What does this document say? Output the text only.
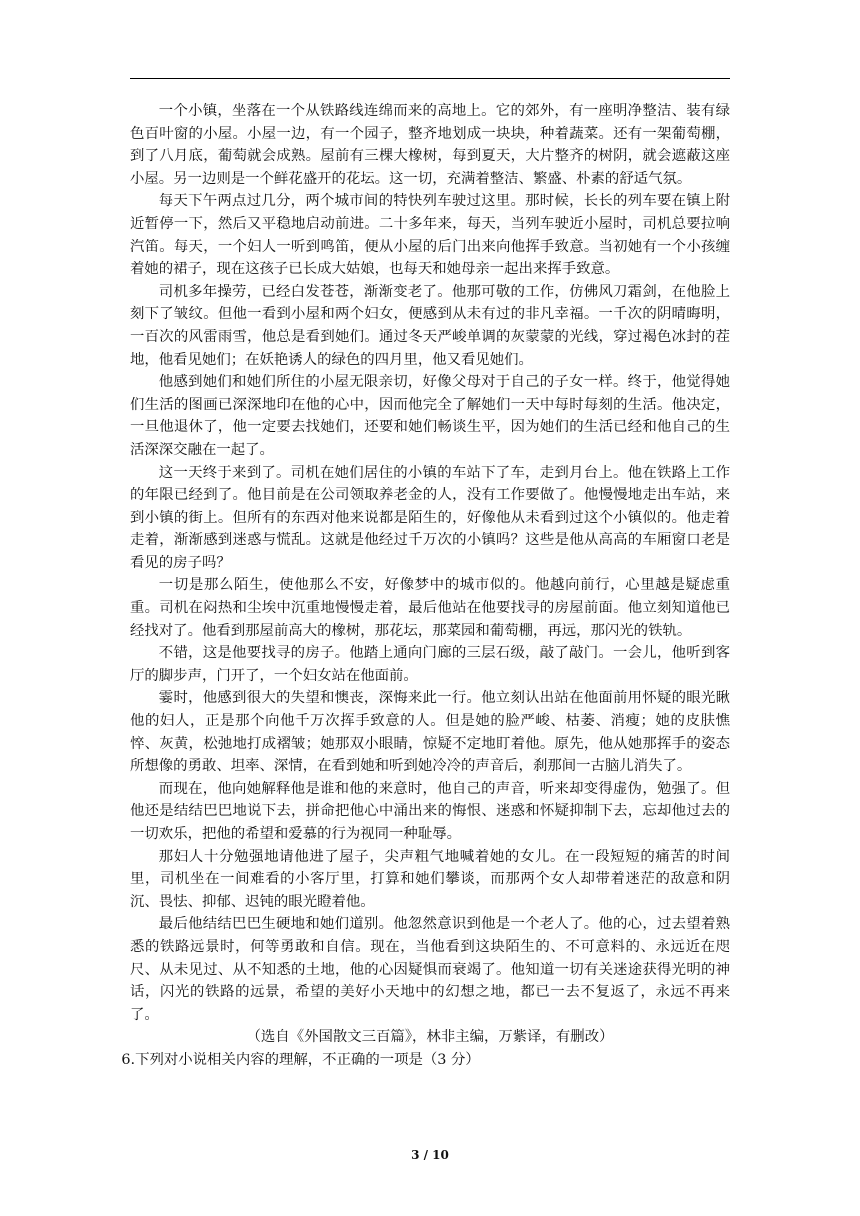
一个小镇，坐落在一个从铁路线连绵而来的高地上。它的郊外，有一座明净整洁、装有绿色百叶窗的小屋。小屋一边，有一个园子，整齐地划成一块块，种着蔬菜。还有一架葡萄棚，到了八月底，葡萄就会成熟。屋前有三棵大橡树，每到夏天，大片整齐的树阴，就会遮蔽这座小屋。另一边则是一个鲜花盛开的花坛。这一切，充满着整洁、繁盛、朴素的舒适气氛。

每天下午两点过几分，两个城市间的特快列车驶过这里。那时候，长长的列车要在镇上附近暂停一下，然后又平稳地启动前进。二十多年来，每天，当列车驶近小屋时，司机总要拉响汽笛。每天，一个妇人一听到鸣笛，便从小屋的后门出来向他挥手致意。当初她有一个小孩缠着她的裙子，现在这孩子已长成大姑娘，也每天和她母亲一起出来挥手致意。

司机多年操劳，已经白发苍苍，渐渐变老了。他那可敬的工作，仿佛风刀霜剑，在他脸上刻下了皱纹。但他一看到小屋和两个妇女，便感到从未有过的非凡幸福。一千次的阴晴晦明，一百次的风雷雨雪，他总是看到她们。通过冬天严峻单调的灰蒙蒙的光线，穿过褐色冰封的茬地，他看见她们；在妖艳诱人的绿色的四月里，他又看见她们。

他感到她们和她们所住的小屋无限亲切，好像父母对于自己的子女一样。终于，他觉得她们生活的图画已深深地印在他的心中，因而他完全了解她们一天中每时每刻的生活。他决定，一旦他退休了，他一定要去找她们，还要和她们畅谈生平，因为她们的生活已经和他自己的生活深深交融在一起了。

这一天终于来到了。司机在她们居住的小镇的车站下了车，走到月台上。他在铁路上工作的年限已经到了。他目前是在公司领取养老金的人，没有工作要做了。他慢慢地走出车站，来到小镇的街上。但所有的东西对他来说都是陌生的，好像他从未看到过这个小镇似的。他走着走着，渐渐感到迷惑与慌乱。这就是他经过千万次的小镇吗？这些是他从高高的车厢窗口老是看见的房子吗？

一切是那么陌生，使他那么不安，好像梦中的城市似的。他越向前行，心里越是疑虑重重。司机在闷热和尘埃中沉重地慢慢走着，最后他站在他要找寻的房屋前面。他立刻知道他已经找对了。他看到那屋前高大的橡树，那花坛，那菜园和葡萄棚，再远，那闪光的铁轨。

不错，这是他要找寻的房子。他踏上通向门廊的三层石级，敲了敲门。一会儿，他听到客厅的脚步声，门开了，一个妇女站在他面前。

霎时，他感到很大的失望和懊丧，深悔来此一行。他立刻认出站在他面前用怀疑的眼光瞅他的妇人，正是那个向他千万次挥手致意的人。但是她的脸严峻、枯萎、消瘦；她的皮肤憔悴、灰黄，松弛地打成褶皱；她那双小眼睛，惊疑不定地盯着他。原先，他从她那挥手的姿态所想像的勇敢、坦率、深情，在看到她和听到她冷冷的声音后，刹那间一古脑儿消失了。

而现在，他向她解释他是谁和他的来意时，他自己的声音，听来却变得虚伪，勉强了。但他还是结结巴巴地说下去，拼命把他心中涌出来的悔恨、迷惑和怀疑抑制下去，忘却他过去的一切欢乐，把他的希望和爱慕的行为视同一种耻辱。

那妇人十分勉强地请他进了屋子，尖声粗气地喊着她的女儿。在一段短短的痛苦的时间里，司机坐在一间难看的小客厅里，打算和她们攀谈，而那两个女人却带着迷茫的敌意和阴沉、畏怯、抑郁、迟钝的眼光瞪着他。

最后他结结巴巴生硬地和她们道别。他忽然意识到他是一个老人了。他的心，过去望着熟悉的铁路远景时，何等勇敢和自信。现在，当他看到这块陌生的、不可意料的、永远近在咫尺、从未见过、从不知悉的土地，他的心因疑惧而衰竭了。他知道一切有关迷途获得光明的神话，闪光的铁路的远景，希望的美好小天地中的幻想之地，都已一去不复返了，永远不再来了。

（选自《外国散文三百篇》，林非主编，万紫译，有删改）

6.下列对小说相关内容的理解，不正确的一项是（3 分）

3 / 10
